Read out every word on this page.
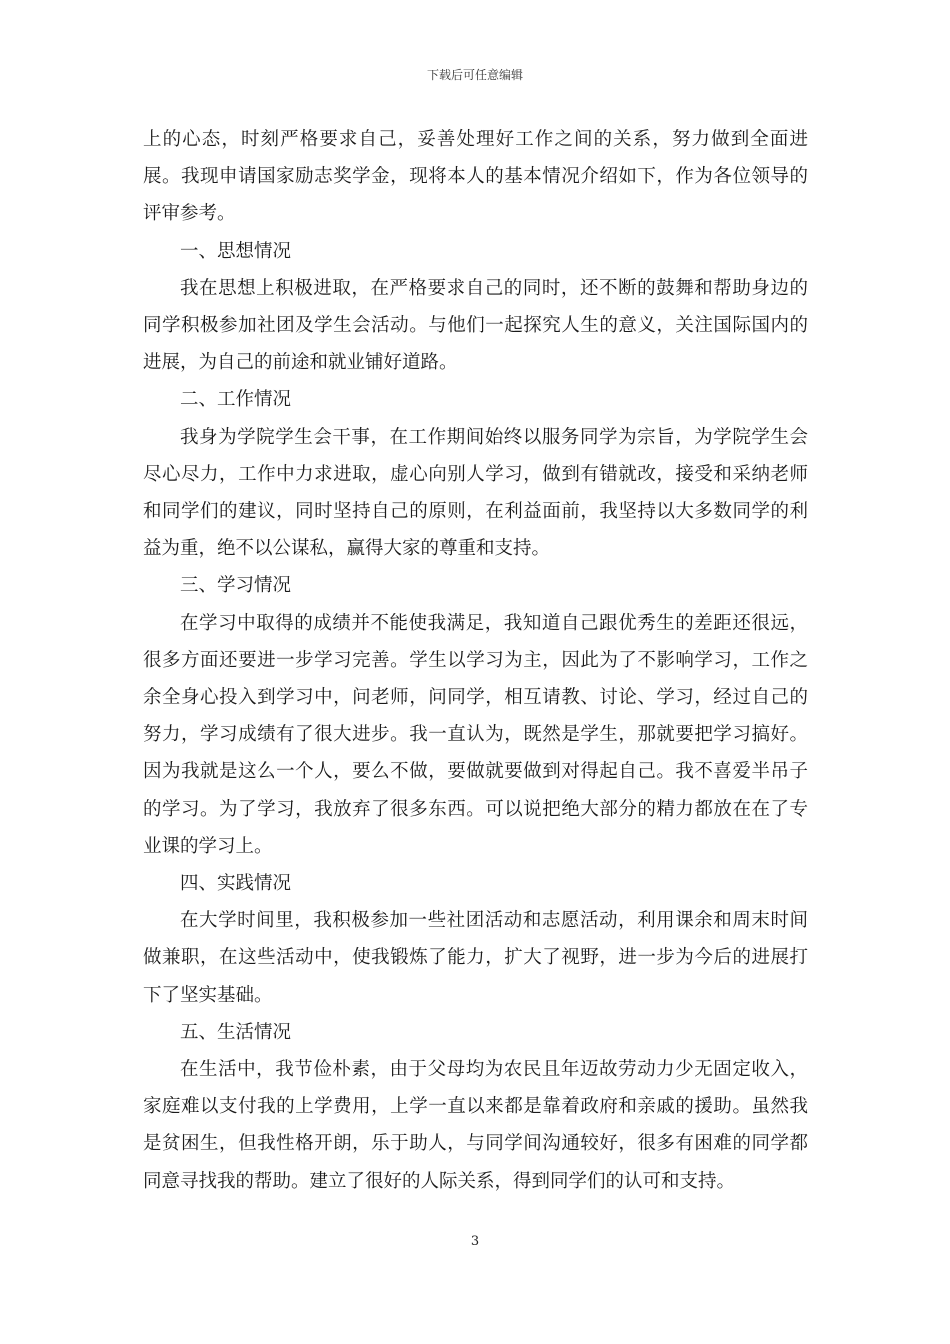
下载后可任意编辑

上的心态，时刻严格要求自己，妥善处理好工作之间的关系，努力做到全面进展。我现申请国家励志奖学金，现将本人的基本情况介绍如下，作为各位领导的评审参考。

一、思想情况

我在思想上积极进取，在严格要求自己的同时，还不断的鼓舞和帮助身边的同学积极参加社团及学生会活动。与他们一起探究人生的意义，关注国际国内的进展，为自己的前途和就业铺好道路。

二、工作情况

我身为学院学生会干事，在工作期间始终以服务同学为宗旨，为学院学生会尽心尽力，工作中力求进取，虚心向别人学习，做到有错就改，接受和采纳老师和同学们的建议，同时坚持自己的原则，在利益面前，我坚持以大多数同学的利益为重，绝不以公谋私，赢得大家的尊重和支持。

三、学习情况

在学习中取得的成绩并不能使我满足，我知道自己跟优秀生的差距还很远，很多方面还要进一步学习完善。学生以学习为主，因此为了不影响学习，工作之余全身心投入到学习中，问老师，问同学，相互请教、讨论、学习，经过自己的努力，学习成绩有了很大进步。我一直认为，既然是学生，那就要把学习搞好。因为我就是这么一个人，要么不做，要做就要做到对得起自己。我不喜爱半吊子的学习。为了学习，我放弃了很多东西。可以说把绝大部分的精力都放在在了专业课的学习上。

四、实践情况

在大学时间里，我积极参加一些社团活动和志愿活动，利用课余和周末时间做兼职，在这些活动中，使我锻炼了能力，扩大了视野，进一步为今后的进展打下了坚实基础。

五、生活情况

在生活中，我节俭朴素，由于父母均为农民且年迈故劳动力少无固定收入，家庭难以支付我的上学费用，上学一直以来都是靠着政府和亲戚的援助。虽然我是贫困生，但我性格开朗，乐于助人，与同学间沟通较好，很多有困难的同学都同意寻找我的帮助。建立了很好的人际关系，得到同学们的认可和支持。

3
